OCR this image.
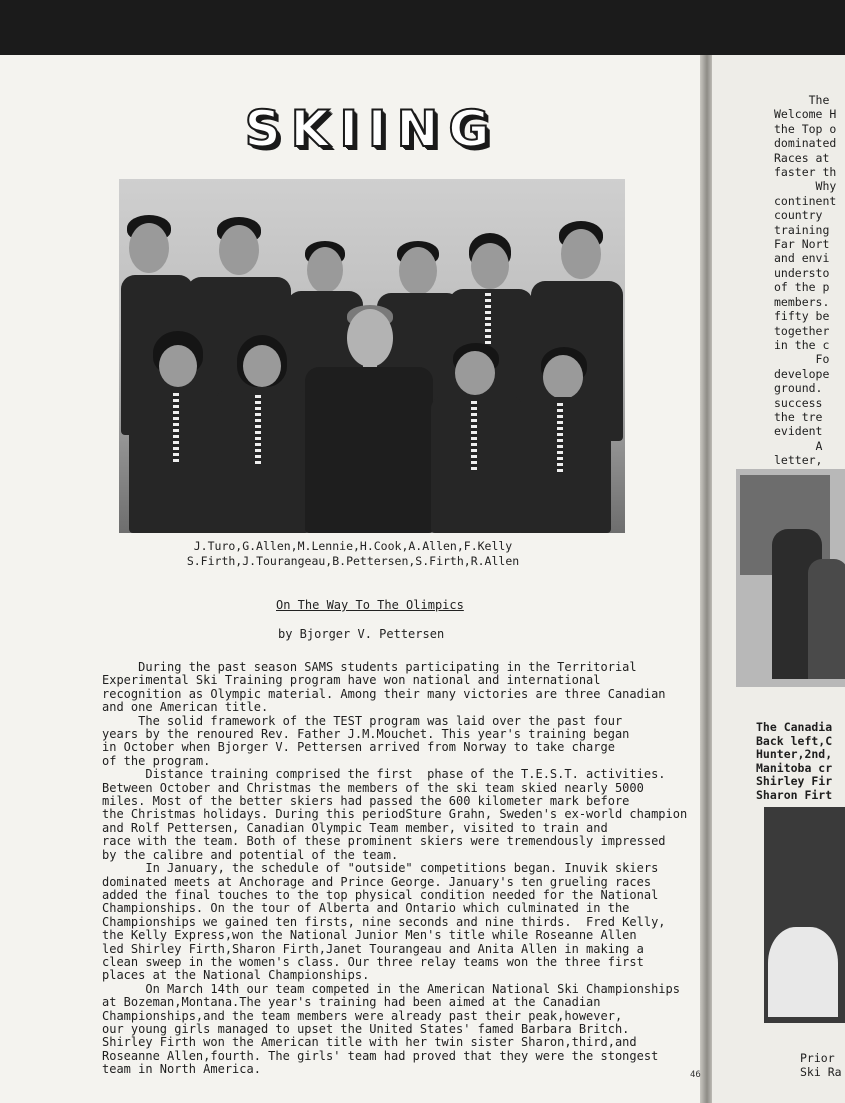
SKIING
J.Turo,G.Allen,M.Lennie,H.Cook,A.Allen,F.Kelly
S.Firth,J.Tourangeau,B.Pettersen,S.Firth,R.Allen
On The Way To The Olimpics
by Bjorger V. Pettersen
During the past season SAMS students participating in the Territorial
Experimental Ski Training program have won national and international
recognition as Olympic material. Among their many victories are three Canadian
and one American title.
The solid framework of the TEST program was laid over the past four
years by the renoured Rev. Father J.M.Mouchet. This year's training began
in October when Bjorger V. Pettersen arrived from Norway to take charge
of the program.
Distance training comprised the first  phase of the T.E.S.T. activities.
Between October and Christmas the members of the ski team skied nearly 5000
miles. Most of the better skiers had passed the 600 kilometer mark before
the Christmas holidays. During this periodSture Grahn, Sweden's ex-world champion
and Rolf Pettersen, Canadian Olympic Team member, visited to train and
race with the team. Both of these prominent skiers were tremendously impressed
by the calibre and potential of the team.
In January, the schedule of "outside" competitions began. Inuvik skiers
dominated meets at Anchorage and Prince George. January's ten grueling races
added the final touches to the top physical condition needed for the National
Championships. On the tour of Alberta and Ontario which culminated in the
Championships we gained ten firsts, nine seconds and nine thirds.  Fred Kelly,
the Kelly Express,won the National Junior Men's title while Roseanne Allen
led Shirley Firth,Sharon Firth,Janet Tourangeau and Anita Allen in making a
clean sweep in the women's class. Our three relay teams won the three first
places at the National Championships.
On March 14th our team competed in the American National Ski Championships
at Bozeman,Montana.The year's training had been aimed at the Canadian
Championships,and the team members were already past their peak,however,
our young girls managed to upset the United States' famed Barbara Britch.
Shirley Firth won the American title with her twin sister Sharon,third,and
Roseanne Allen,fourth. The girls' team had proved that they were the stongest
team in North America.	46
The
Welcome H
the Top o
dominated
Races at
faster th
Why
continent
country
training
Far Nort
and envi
understo
of the p
members.
fifty be
together
in the c
Fo
develope
ground.
success
the tre
evident
A
letter,
The Canadia
Back left,C
Hunter,2nd,
Manitoba cr
Shirley Fir
Sharon Firt
Prior
Ski Ra
